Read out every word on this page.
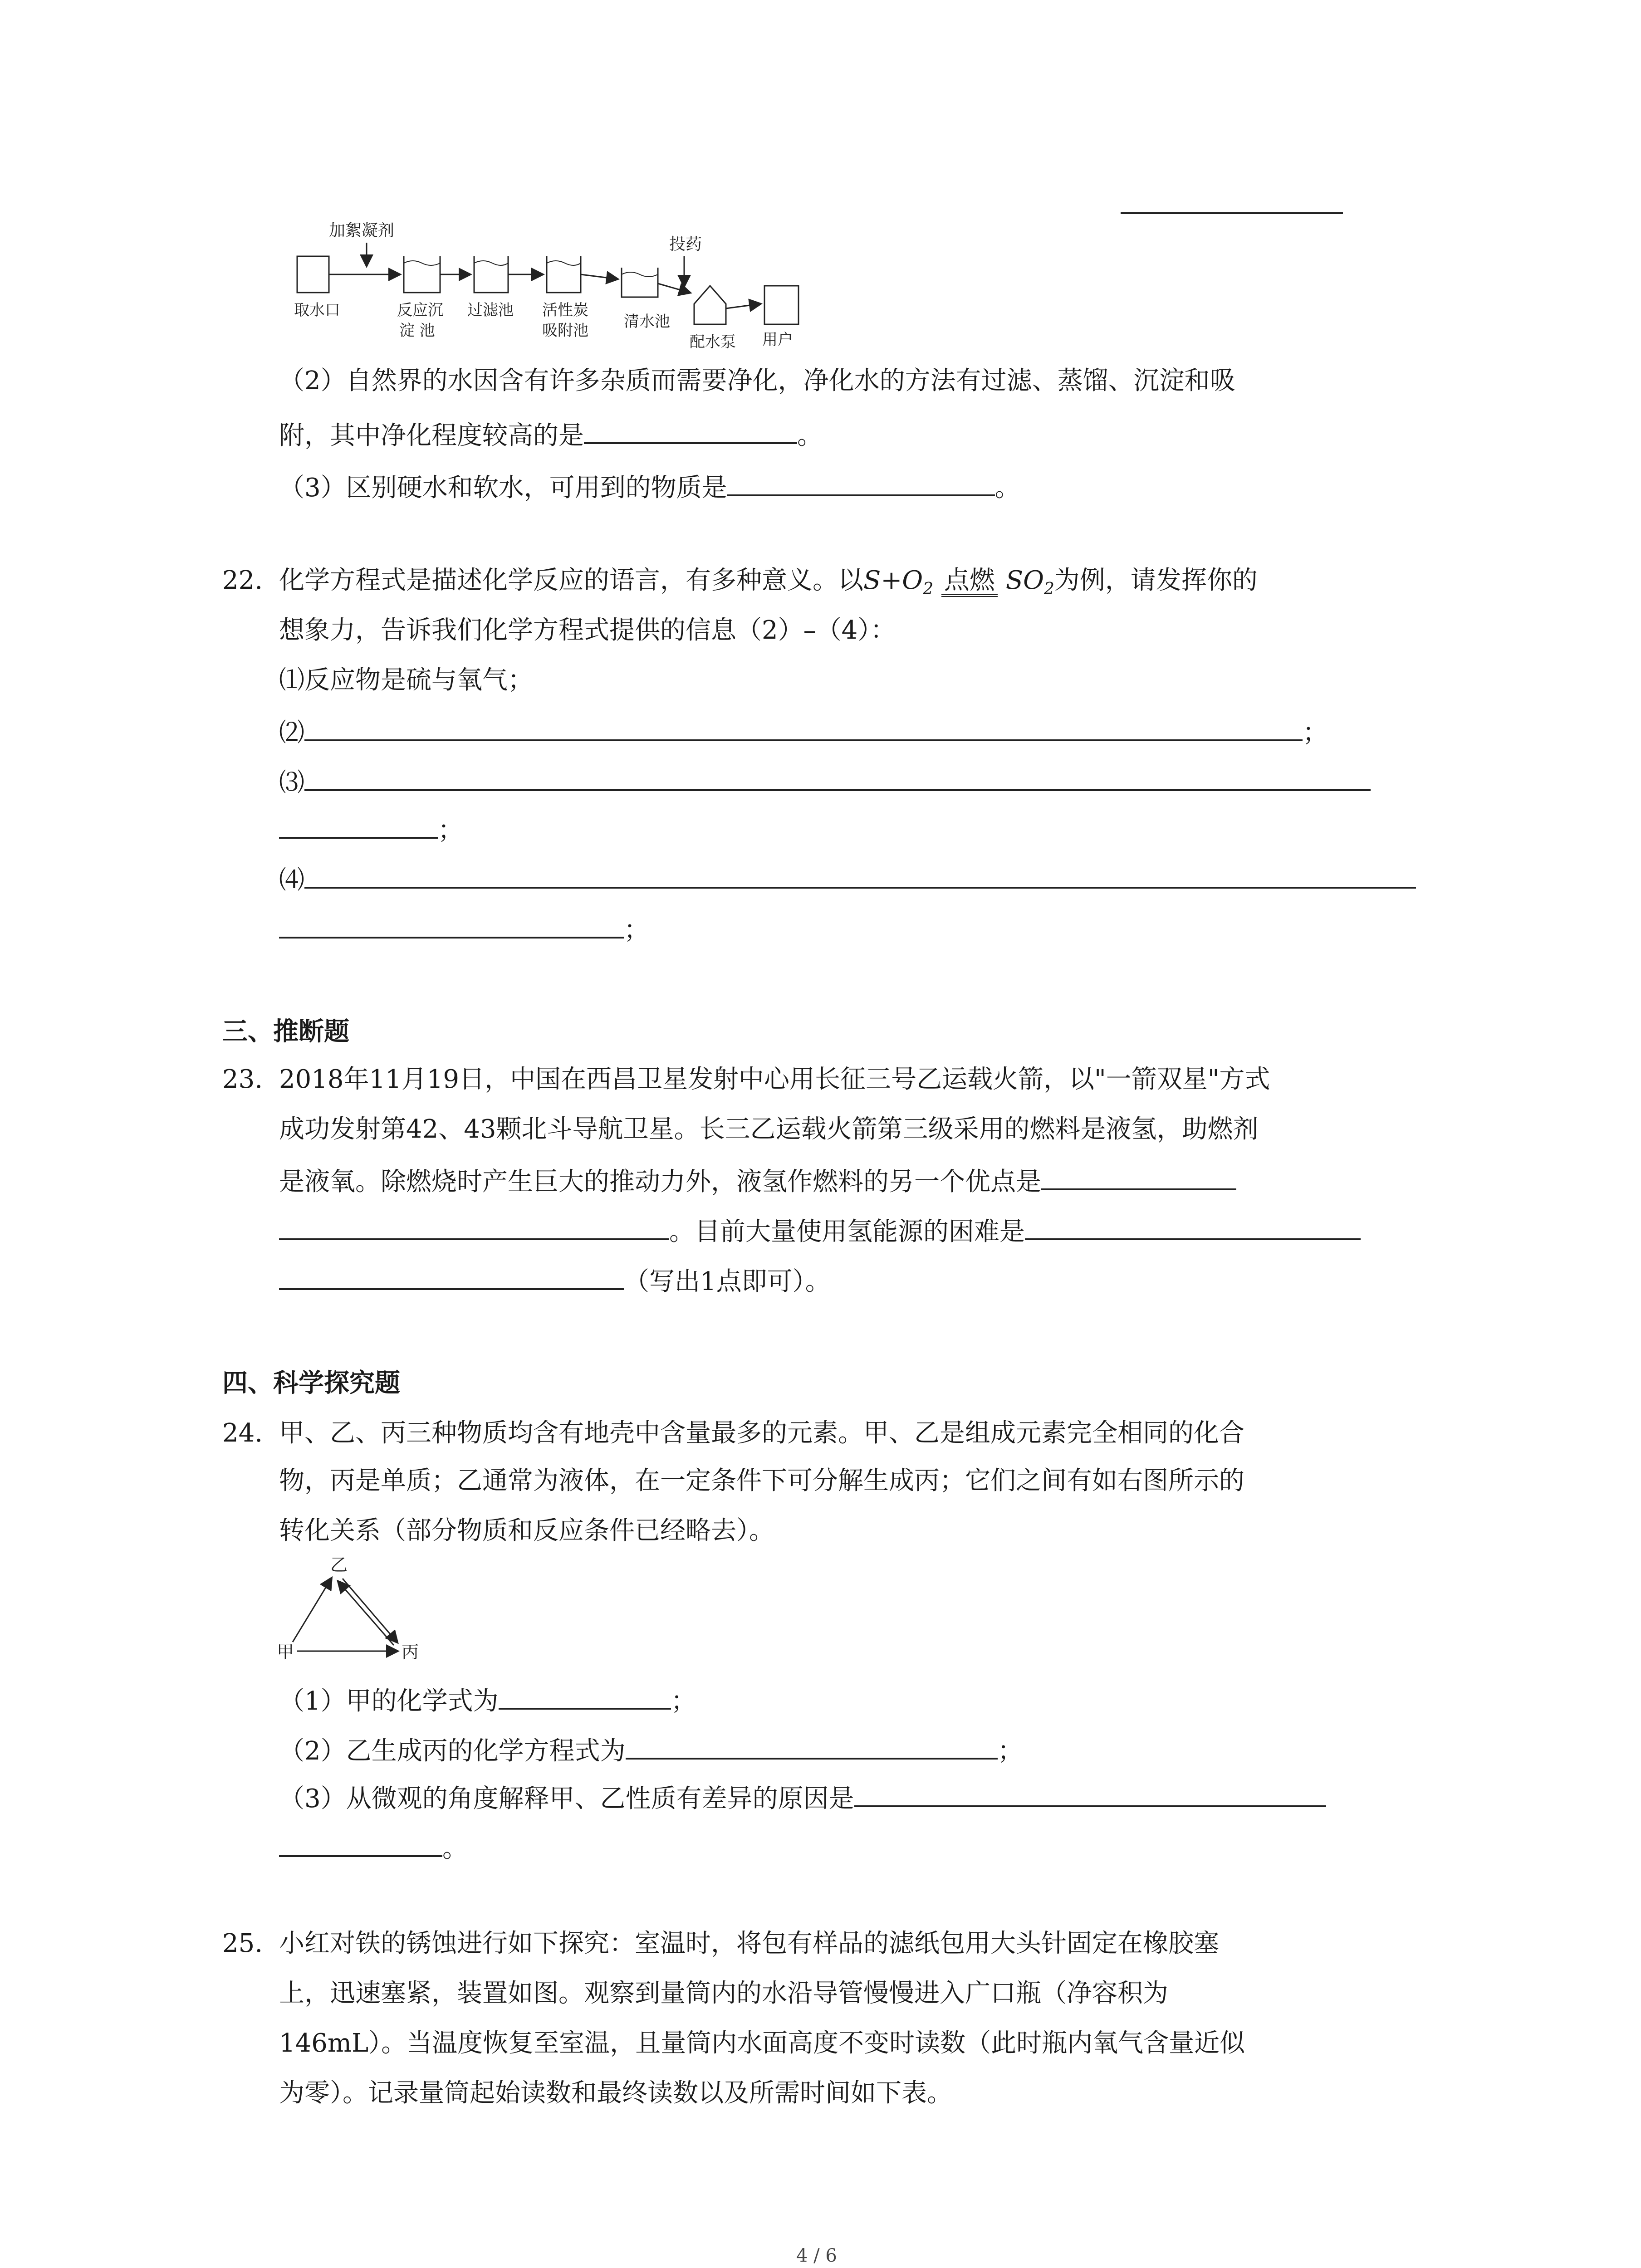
加絮凝剂
取水口	反应沉
淀 池
过滤池 活性炭
吸附池 清水池
投药
配水泵 用户
（2）自然界的水因含有许多杂质而需要净化，净化水的方法有过滤、蒸馏、沉淀和吸
附，其中净化程度较高的是	。
（3）区别硬水和软水，可用到的物质是	。
22. 化学方程式是描述化学反应的语言，有多种意义。以$S+O_2$ 点燃 $SO_2$为例，请发挥你的
想象力，告诉我们化学方程式提供的信息（2）–（4）：
⑴反应物是硫与氧气；
⑵	；
⑶
；
⑷
；
三、推断题
23. 2018年11月19日，中国在西昌卫星发射中心用长征三号乙运载火箭，以"一箭双星"方式
成功发射第42、43颗北斗导航卫星。长三乙运载火箭第三级采用的燃料是液氢，助燃剂
是液氧。除燃烧时产生巨大的推动力外，液氢作燃料的另一个优点是
。目前大量使用氢能源的困难是
（写出1点即可）。
四、科学探究题
24. 甲、乙、丙三种物质均含有地壳中含量最多的元素。甲、乙是组成元素完全相同的化合
物，丙是单质；乙通常为液体，在一定条件下可分解生成丙；它们之间有如右图所示的
转化关系（部分物质和反应条件已经略去）。
乙
甲	丙
（1）甲的化学式为	；
（2）乙生成丙的化学方程式为	；
（3）从微观的角度解释甲、乙性质有差异的原因是
。
25. 小红对铁的锈蚀进行如下探究：室温时，将包有样品的滤纸包用大头针固定在橡胶塞
上，迅速塞紧，装置如图。观察到量筒内的水沿导管慢慢进入广口瓶（净容积为
146mL）。当温度恢复至室温，且量筒内水面高度不变时读数（此时瓶内氧气含量近似
为零）。记录量筒起始读数和最终读数以及所需时间如下表。
4 / 6
